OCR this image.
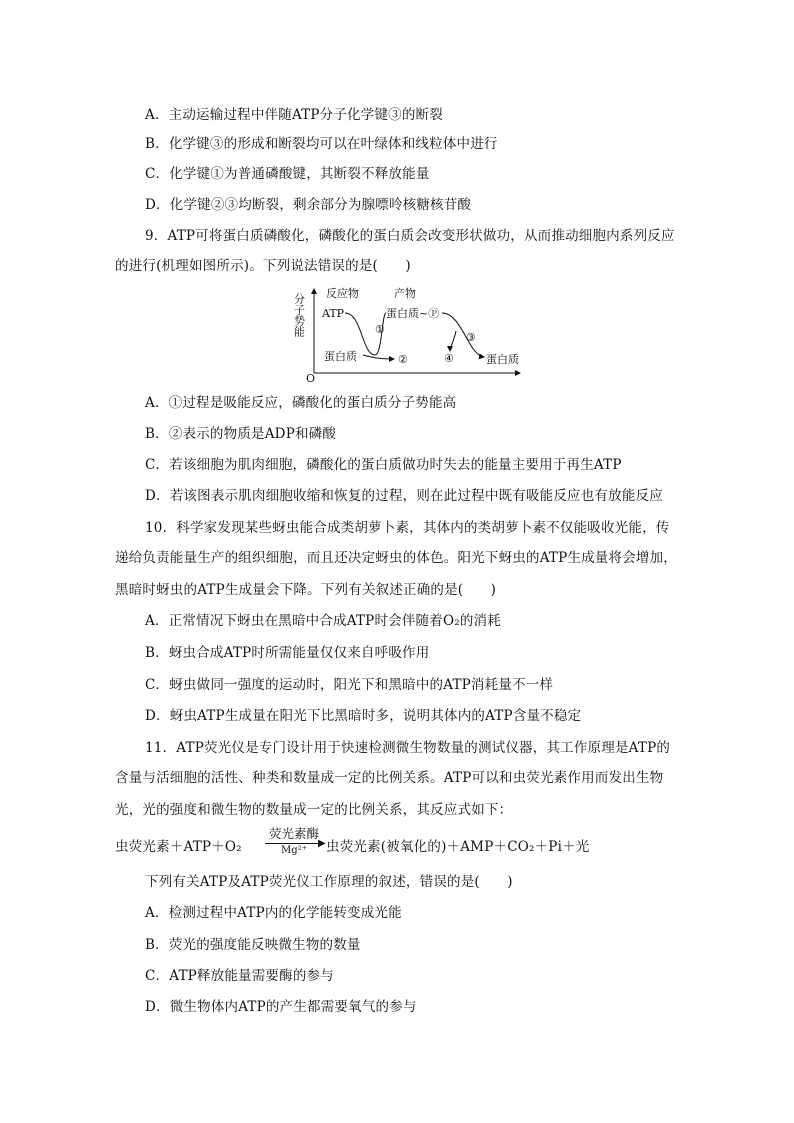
A．主动运输过程中伴随ATP分子化学键③的断裂
B．化学键③的形成和断裂均可以在叶绿体和线粒体中进行
C．化学键①为普通磷酸键，其断裂不释放能量
D．化学键②③均断裂，剩余部分为腺嘌呤核糖核苷酸
9．ATP可将蛋白质磷酸化，磷酸化的蛋白质会改变形状做功，从而推动细胞内系列反应
的进行(机理如图所示)。下列说法错误的是(　　)
O
分子势能 反应物	产物
ATP
蛋白质
蛋白质~Ⓟ
蛋白质
①
②
③
④
A．①过程是吸能反应，磷酸化的蛋白质分子势能高
B．②表示的物质是ADP和磷酸
C．若该细胞为肌肉细胞，磷酸化的蛋白质做功时失去的能量主要用于再生ATP
D．若该图表示肌肉细胞收缩和恢复的过程，则在此过程中既有吸能反应也有放能反应
10．科学家发现某些蚜虫能合成类胡萝卜素，其体内的类胡萝卜素不仅能吸收光能，传
递给负责能量生产的组织细胞，而且还决定蚜虫的体色。阳光下蚜虫的ATP生成量将会增加，
黑暗时蚜虫的ATP生成量会下降。下列有关叙述正确的是(　　)
A．正常情况下蚜虫在黑暗中合成ATP时会伴随着O₂的消耗
B．蚜虫合成ATP时所需能量仅仅来自呼吸作用
C．蚜虫做同一强度的运动时，阳光下和黑暗中的ATP消耗量不一样
D．蚜虫ATP生成量在阳光下比黑暗时多，说明其体内的ATP含量不稳定
11．ATP荧光仪是专门设计用于快速检测微生物数量的测试仪器，其工作原理是ATP的
含量与活细胞的活性、种类和数量成一定的比例关系。ATP可以和虫荧光素作用而发出生物
光，光的强度和微生物的数量成一定的比例关系，其反应式如下：
虫荧光素＋ATP＋O₂
荧光素酶
▶
Mg²⁺	虫荧光素(被氧化的)＋AMP＋CO₂＋Pi＋光
下列有关ATP及ATP荧光仪工作原理的叙述，错误的是(　　)
A．检测过程中ATP内的化学能转变成光能
B．荧光的强度能反映微生物的数量
C．ATP释放能量需要酶的参与
D．微生物体内ATP的产生都需要氧气的参与
